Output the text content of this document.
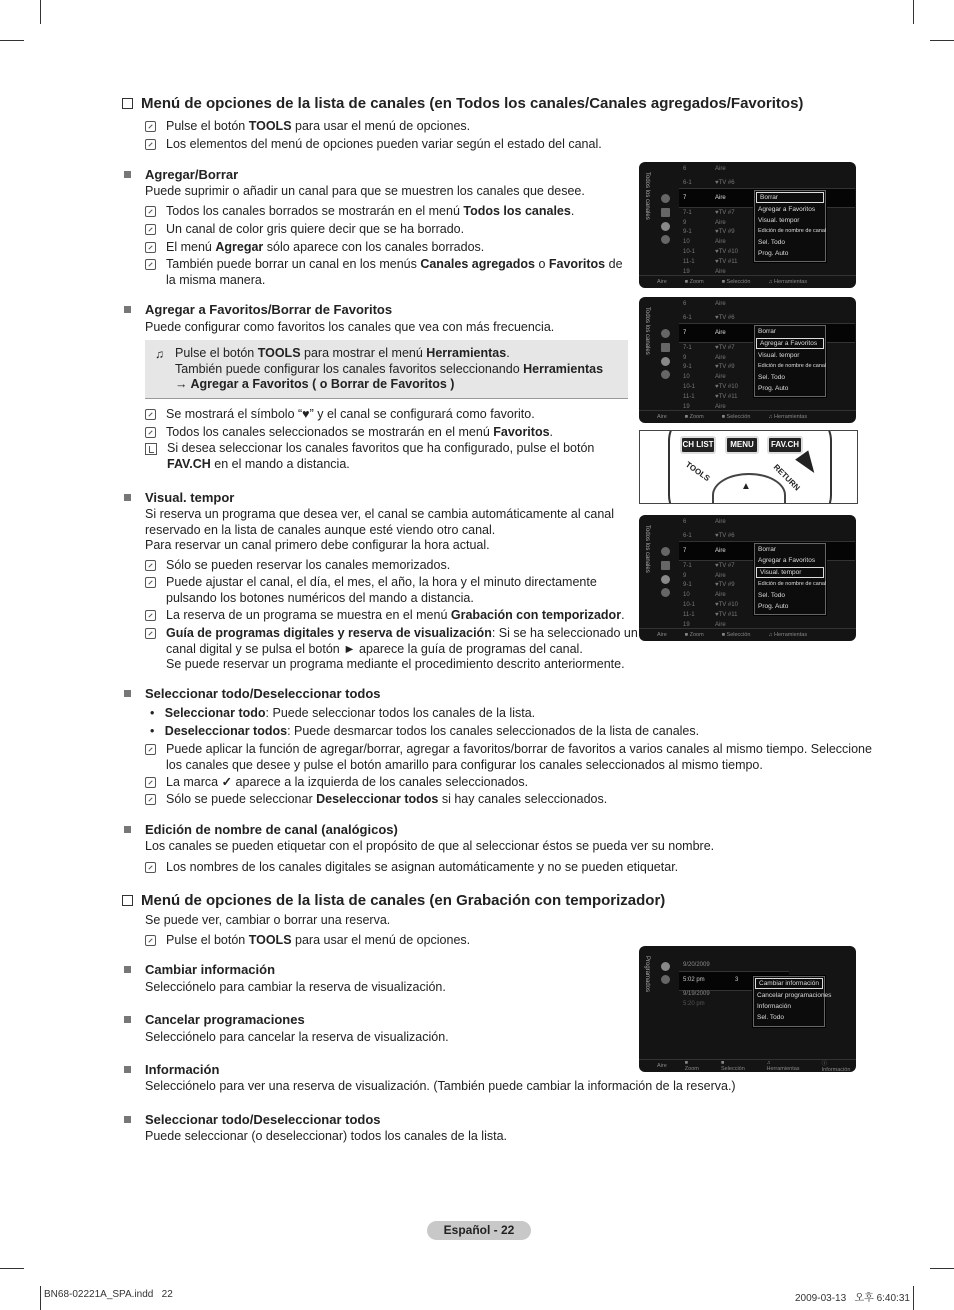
Menú de opciones de la lista de canales (en Todos los canales/Canales agregados/Favoritos)
Pulse el botón TOOLS para usar el menú de opciones.
Los elementos del menú de opciones pueden variar según el estado del canal.
Agregar/Borrar
Puede suprimir o añadir un canal para que se muestren los canales que desee.
Todos los canales borrados se mostrarán en el menú Todos los canales.
Un canal de color gris quiere decir que se ha borrado.
El menú Agregar sólo aparece con los canales borrados.
También puede borrar un canal en los menús Canales agregados o Favoritos de la misma manera.
Agregar a Favoritos/Borrar de Favoritos
Puede configurar como favoritos los canales que vea con más frecuencia.
♫ Pulse el botón TOOLS para mostrar el menú Herramientas.
También puede configurar los canales favoritos seleccionando Herramientas
→ Agregar a Favoritos ( o Borrar de Favoritos )
Se mostrará el símbolo “♥” y el canal se configurará como favorito.
Todos los canales seleccionados se mostrarán en el menú Favoritos.
Si desea seleccionar los canales favoritos que ha configurado, pulse el botón
FAV.CH en el mando a distancia.
Visual. tempor
Si reserva un programa que desea ver, el canal se cambia automáticamente al canal
reservado en la lista de canales aunque esté viendo otro canal.
Para reservar un canal primero debe configurar la hora actual.
Sólo se pueden reservar los canales memorizados.
Puede ajustar el canal, el día, el mes, el año, la hora y el minuto directamente
pulsando los botones numéricos del mando a distancia.
La reserva de un programa se muestra en el menú Grabación con temporizador.
Guía de programas digitales y reserva de visualización: Si se ha seleccionado un
canal digital y se pulsa el botón ► aparece la guía de programas del canal.
Se puede reservar un programa mediante el procedimiento descrito anteriormente.
Seleccionar todo/Deseleccionar todos
•   Seleccionar todo: Puede seleccionar todos los canales de la lista.
•   Deseleccionar todos: Puede desmarcar todos los canales seleccionados de la lista de canales.
Puede aplicar la función de agregar/borrar, agregar a favoritos/borrar de favoritos a varios canales al mismo tiempo. Seleccione
los canales que desee y pulse el botón amarillo para configurar los canales seleccionados al mismo tiempo.
La marca ✓ aparece a la izquierda de los canales seleccionados.
Sólo se puede seleccionar Deseleccionar todos si hay canales seleccionados.
Edición de nombre de canal (analógicos)
Los canales se pueden etiquetar con el propósito de que al seleccionar éstos se pueda ver su nombre.
Los nombres de los canales digitales se asignan automáticamente y no se pueden etiquetar.
Menú de opciones de la lista de canales (en Grabación con temporizador)
Se puede ver, cambiar o borrar una reserva.
Pulse el botón TOOLS para usar el menú de opciones.
Cambiar información
Selecciónelo para cambiar la reserva de visualización.
Cancelar programaciones
Selecciónelo para cancelar la reserva de visualización.
Información
Selecciónelo para ver una reserva de visualización. (También puede cambiar la información de la reserva.)
Seleccionar todo/Deseleccionar todos
Puede seleccionar (o deseleccionar) todos los canales de la lista.
Todos los canales
6	Aire
6-1	♥TV #6
7	Aire
7-1	♥TV #7
9	Aire
9-1	♥TV #9
10	Aire
10-1	♥TV #10
11-1	♥TV #11
19	Aire
Borrar
Agregar a Favoritos
Visual. tempor
Edición de nombre de canal
Sel. Todo
Prog. Auto
Aire	■ Zoom	■ Selección	♫ Herramientas
Todos los canales
6	Aire
6-1	♥TV #6
7	Aire
7-1	♥TV #7
9	Aire
9-1	♥TV #9
10	Aire
10-1	♥TV #10
11-1	♥TV #11
19	Aire
Borrar
Agregar a Favoritos
Visual. tempor
Edición de nombre de canal
Sel. Todo
Prog. Auto
Aire	■ Zoom	■ Selección	♫ Herramientas
Todos los canales
6	Aire
6-1	♥TV #6
7	Aire
7-1	♥TV #7
9	Aire
9-1	♥TV #9
10	Aire
10-1	♥TV #10
11-1	♥TV #11
19	Aire
Borrar
Agregar a Favoritos
Visual. tempor
Edición de nombre de canal
Sel. Todo
Prog. Auto
Aire	■ Zoom	■ Selección	♫ Herramientas
CH LIST	MENU	FAV.CH
TOOLS	RETURN
▲
Programados	9/20/2009
5:02 pm	3
9/19/2009
5:20 pm
Cambiar información
Cancelar programaciones
Información
Sel. Todo
Aire	■ Zoom
■ Selección
♫ Herramientas
ⓘ Información
Español - 22
BN68-02221A_SPA.indd   22	2009-03-13   오후 6:40:31
